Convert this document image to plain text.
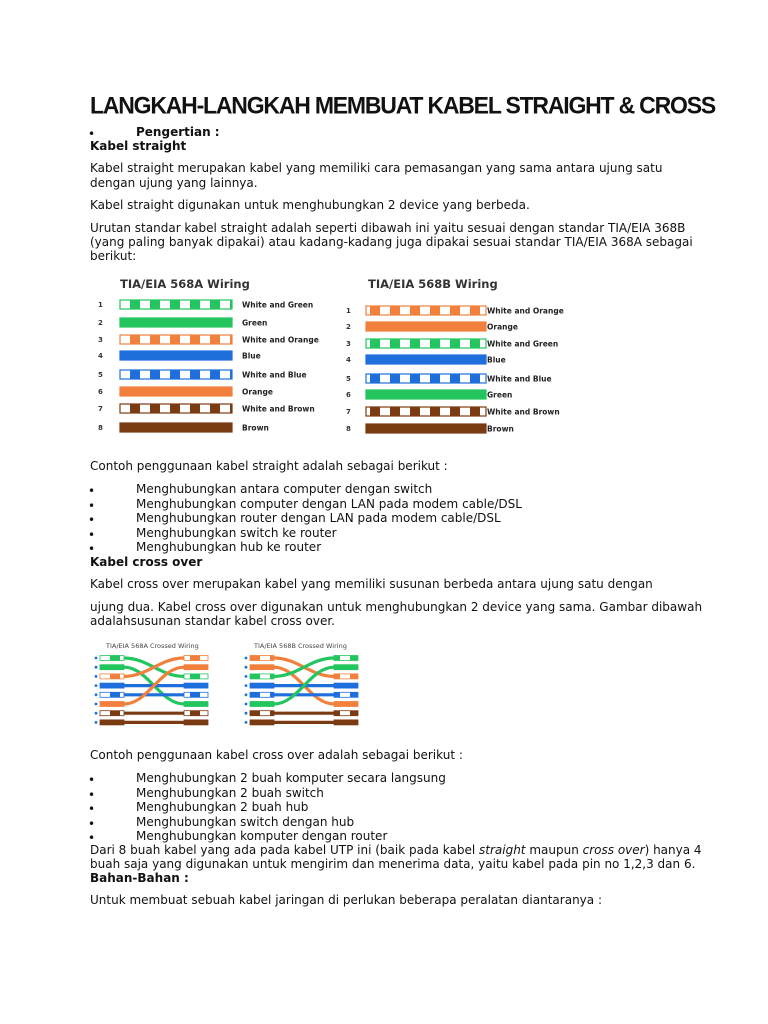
LANGKAH-LANGKAH MEMBUAT KABEL STRAIGHT & CROSS
•	Pengertian :
Kabel straight
Kabel straight merupakan kabel yang memiliki cara pemasangan yang sama antara ujung satu
dengan ujung yang lainnya.
Kabel straight digunakan untuk menghubungkan 2 device yang berbeda.
Urutan standar kabel straight adalah seperti dibawah ini yaitu sesuai dengan standar TIA/EIA 368B
(yang paling banyak dipakai) atau kadang-kadang juga dipakai sesuai standar TIA/EIA 368A sebagai
berikut:
TIA/EIA 568A Wiring	TIA/EIA 568B Wiring
1	White and Green
2	Green
3	White and Orange
4	Blue
5	White and Blue
6	Orange
7	White and Brown
8	Brown
1	White and Orange
2	Orange
3	White and Green
4	Blue
5	White and Blue
6	Green
7	White and Brown
8	Brown
Contoh penggunaan kabel straight adalah sebagai berikut :
•	Menghubungkan antara computer dengan switch
•	Menghubungkan computer dengan LAN pada modem cable/DSL
•	Menghubungkan router dengan LAN pada modem cable/DSL
•	Menghubungkan switch ke router
•	Menghubungkan hub ke router
Kabel cross over
Kabel cross over merupakan kabel yang memiliki susunan berbeda antara ujung satu dengan
ujung dua. Kabel cross over digunakan untuk menghubungkan 2 device yang sama. Gambar dibawah
adalahsusunan standar kabel cross over.
TIA/EIA 568A Crossed Wiring	TIA/EIA 568B Crossed Wiring
Contoh penggunaan kabel cross over adalah sebagai berikut :
•	Menghubungkan 2 buah komputer secara langsung
•	Menghubungkan 2 buah switch
•	Menghubungkan 2 buah hub
•	Menghubungkan switch dengan hub
•	Menghubungkan komputer dengan router
Dari 8 buah kabel yang ada pada kabel UTP ini (baik pada kabel straight maupun cross over) hanya 4
buah saja yang digunakan untuk mengirim dan menerima data, yaitu kabel pada pin no 1,2,3 dan 6.
Bahan-Bahan :
Untuk membuat sebuah kabel jaringan di perlukan beberapa peralatan diantaranya :
